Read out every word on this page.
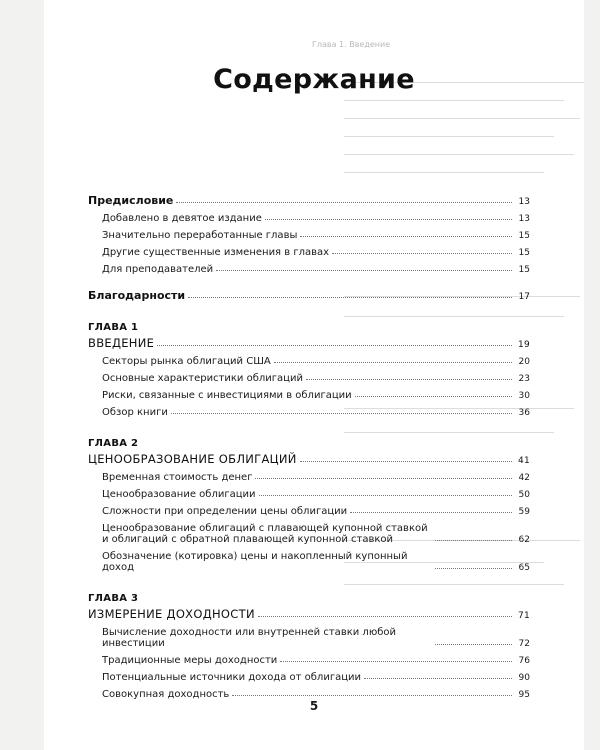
Глава 1. Введение
Содержание
Предисловие	13
Добавлено в девятое издание	13
Значительно переработанные главы	15
Другие существенные изменения в главах	15
Для преподавателей	15
Благодарности	17
ГЛАВА 1
ВВЕДЕНИЕ	19
Секторы рынка облигаций США	20
Основные характеристики облигаций	23
Риски, связанные с инвестициями в облигации	30
Обзор книги	36
ГЛАВА 2
ЦЕНООБРАЗОВАНИЕ ОБЛИГАЦИЙ	41
Временная стоимость денег	42
Ценообразование облигации	50
Сложности при определении цены облигации	59
Ценообразование облигаций с плавающей купонной ставкой и облигаций с обратной плавающей купонной ставкой	62
Обозначение (котировка) цены и накопленный купонный доход	65
ГЛАВА 3
ИЗМЕРЕНИЕ ДОХОДНОСТИ	71
Вычисление доходности или внутренней ставки любой инвестиции	72
Традиционные меры доходности	76
Потенциальные источники дохода от облигации	90
Совокупная доходность	95
5
